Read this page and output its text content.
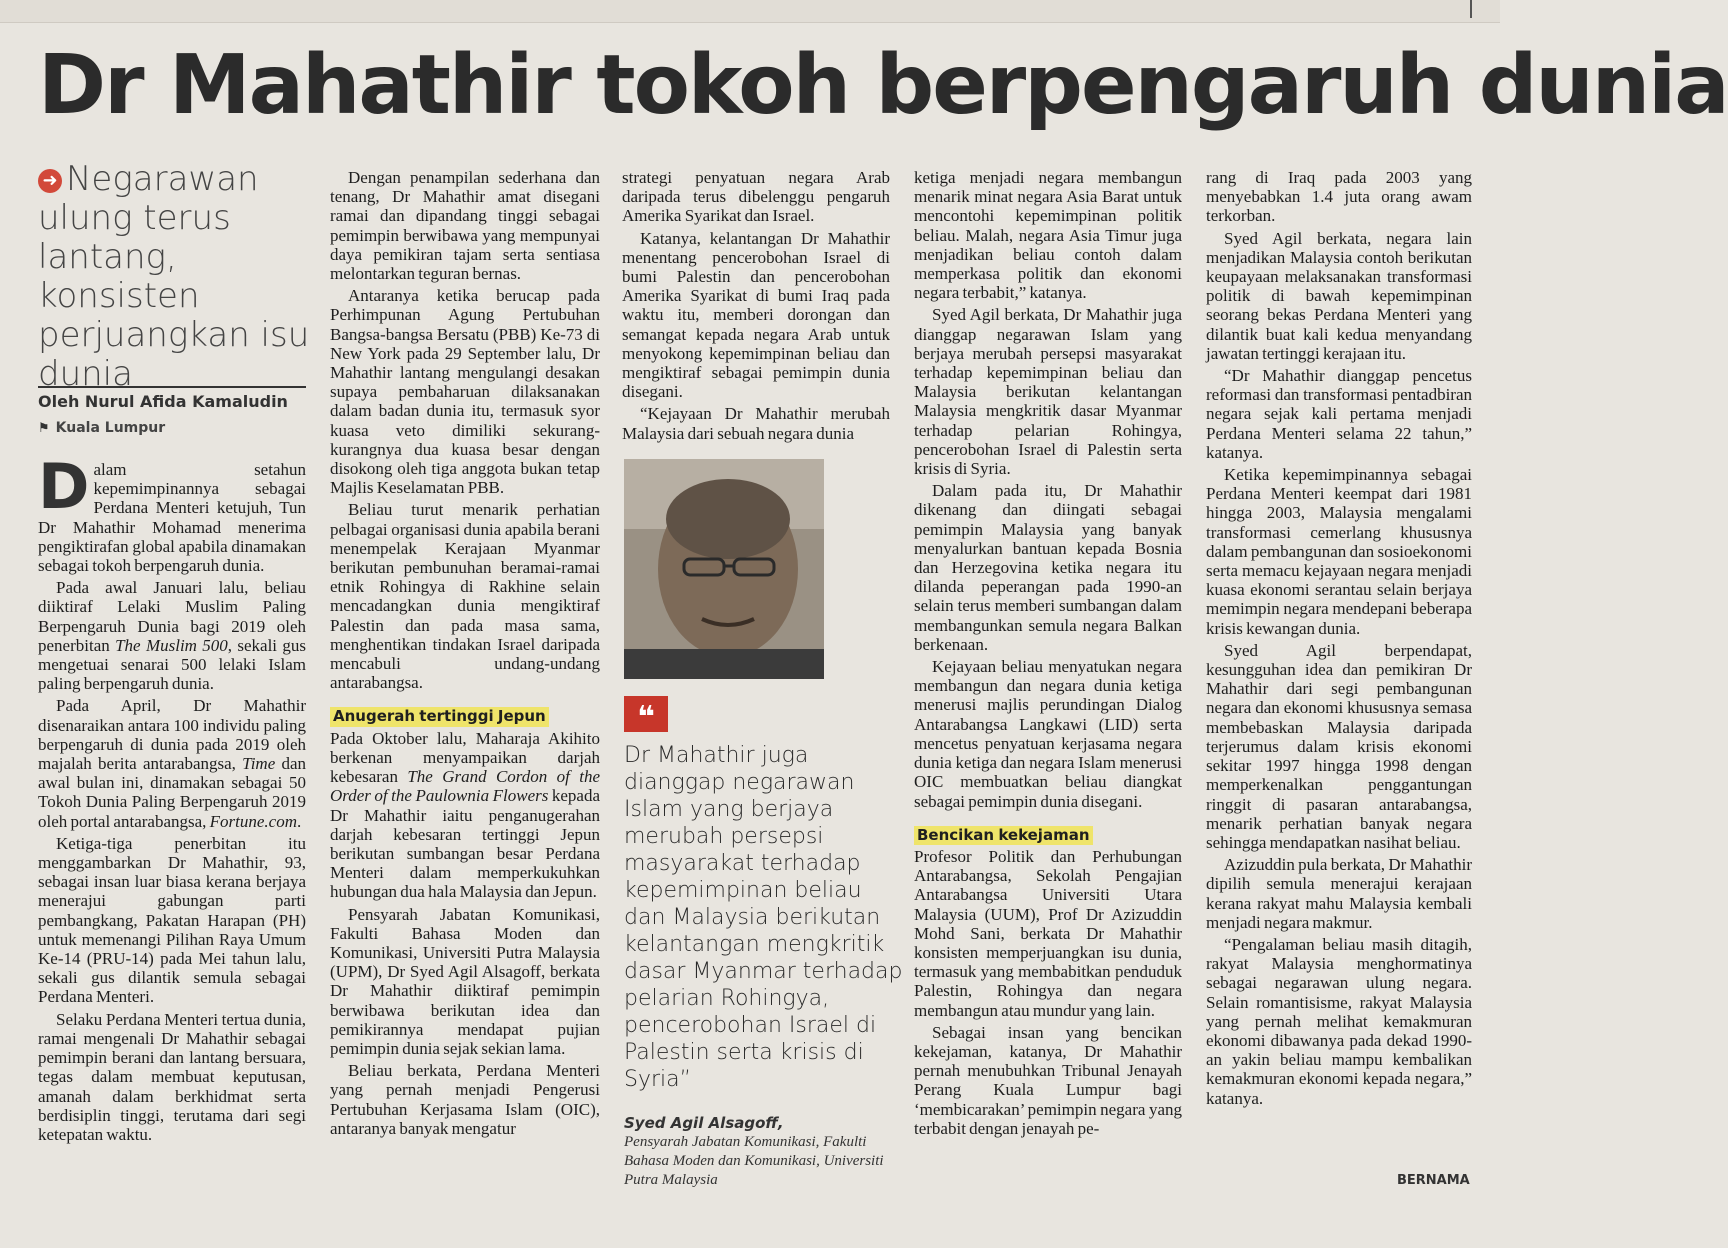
Dr Mahathir tokoh berpengaruh dunia
➜ Negarawan ulung terus lantang, konsisten perjuangkan isu dunia
Oleh Nurul Afida Kamaludin
⚑ Kuala Lumpur

Dalam setahun kepemimpinannya sebagai Perdana Menteri ketujuh, Tun Dr Mahathir Mohamad menerima pengiktirafan global apabila dinamakan sebagai tokoh berpengaruh dunia.

Pada awal Januari lalu, beliau diiktiraf Lelaki Muslim Paling Berpengaruh Dunia bagi 2019 oleh penerbitan The Muslim 500, sekali gus mengetuai senarai 500 lelaki Islam paling berpengaruh dunia.

Pada April, Dr Mahathir disenaraikan antara 100 individu paling berpengaruh di dunia pada 2019 oleh majalah berita antarabangsa, Time dan awal bulan ini, dinamakan sebagai 50 Tokoh Dunia Paling Berpengaruh 2019 oleh portal antarabangsa, Fortune.com.

Ketiga-tiga penerbitan itu menggambarkan Dr Mahathir, 93, sebagai insan luar biasa kerana berjaya menerajui gabungan parti pembangkang, Pakatan Harapan (PH) untuk memenangi Pilihan Raya Umum Ke-14 (PRU-14) pada Mei tahun lalu, sekali gus dilantik semula sebagai Perdana Menteri.

Selaku Perdana Menteri tertua dunia, ramai mengenali Dr Mahathir sebagai pemimpin berani dan lantang bersuara, tegas dalam membuat keputusan, amanah dalam berkhidmat serta berdisiplin tinggi, terutama dari segi ketepatan waktu.

Dengan penampilan sederhana dan tenang, Dr Mahathir amat disegani ramai dan dipandang tinggi sebagai pemimpin berwibawa yang mempunyai daya pemikiran tajam serta sentiasa melontarkan teguran bernas.

Antaranya ketika berucap pada Perhimpunan Agung Pertubuhan Bangsa-bangsa Bersatu (PBB) Ke-73 di New York pada 29 September lalu, Dr Mahathir lantang mengulangi desakan supaya pembaharuan dilaksanakan dalam badan dunia itu, termasuk syor kuasa veto dimiliki sekurang-kurangnya dua kuasa besar dengan disokong oleh tiga anggota bukan tetap Majlis Keselamatan PBB.

Beliau turut menarik perhatian pelbagai organisasi dunia apabila berani menempelak Kerajaan Myanmar berikutan pembunuhan beramai-ramai etnik Rohingya di Rakhine selain mencadangkan dunia mengiktiraf Palestin dan pada masa sama, menghentikan tindakan Israel daripada mencabuli undang-undang antarabangsa.

Anugerah tertinggi Jepun

Pada Oktober lalu, Maharaja Akihito berkenan menyampaikan darjah kebesaran The Grand Cordon of the Order of the Paulownia Flowers kepada Dr Mahathir iaitu penganugerahan darjah kebesaran tertinggi Jepun berikutan sumbangan besar Perdana Menteri dalam memperkukuhkan hubungan dua hala Malaysia dan Jepun.

Pensyarah Jabatan Komunikasi, Fakulti Bahasa Moden dan Komunikasi, Universiti Putra Malaysia (UPM), Dr Syed Agil Alsagoff, berkata Dr Mahathir diiktiraf pemimpin berwibawa berikutan idea dan pemikirannya mendapat pujian pemimpin dunia sejak sekian lama.

Beliau berkata, Perdana Menteri yang pernah menjadi Pengerusi Pertubuhan Kerjasama Islam (OIC), antaranya banyak mengatur

strategi penyatuan negara Arab daripada terus dibelenggu pengaruh Amerika Syarikat dan Israel.

Katanya, kelantangan Dr Mahathir menentang pencerobohan Israel di bumi Palestin dan pencerobohan Amerika Syarikat di bumi Iraq pada waktu itu, memberi dorongan dan semangat kepada negara Arab untuk menyokong kepemimpinan beliau dan mengiktiraf sebagai pemimpin dunia disegani.

“Kejayaan Dr Mahathir merubah Malaysia dari sebuah negara dunia

❝
Dr Mahathir juga dianggap negarawan Islam yang berjaya merubah persepsi masyarakat terhadap kepemimpinan beliau dan Malaysia berikutan kelantangan mengkritik dasar Myanmar terhadap pelarian Rohingya, pencerobohan Israel di Palestin serta krisis di Syria”
Syed Agil Alsagoff,
Pensyarah Jabatan Komunikasi, Fakulti Bahasa Moden dan Komunikasi, Universiti Putra Malaysia

ketiga menjadi negara membangun menarik minat negara Asia Barat untuk mencontohi kepemimpinan politik beliau. Malah, negara Asia Timur juga menjadikan beliau contoh dalam memperkasa politik dan ekonomi negara terbabit,” katanya.

Syed Agil berkata, Dr Mahathir juga dianggap negarawan Islam yang berjaya merubah persepsi masyarakat terhadap kepemimpinan beliau dan Malaysia berikutan kelantangan Malaysia mengkritik dasar Myanmar terhadap pelarian Rohingya, pencerobohan Israel di Palestin serta krisis di Syria.

Dalam pada itu, Dr Mahathir dikenang dan diingati sebagai pemimpin Malaysia yang banyak menyalurkan bantuan kepada Bosnia dan Herzegovina ketika negara itu dilanda peperangan pada 1990-an selain terus memberi sumbangan dalam membangunkan semula negara Balkan berkenaan.

Kejayaan beliau menyatukan negara membangun dan negara dunia ketiga menerusi majlis perundingan Dialog Antarabangsa Langkawi (LID) serta mencetus penyatuan kerjasama negara dunia ketiga dan negara Islam menerusi OIC membuatkan beliau diangkat sebagai pemimpin dunia disegani.

Bencikan kekejaman

Profesor Politik dan Perhubungan Antarabangsa, Sekolah Pengajian Antarabangsa Universiti Utara Malaysia (UUM), Prof Dr Azizuddin Mohd Sani, berkata Dr Mahathir konsisten memperjuangkan isu dunia, termasuk yang membabitkan penduduk Palestin, Rohingya dan negara membangun atau mundur yang lain.

Sebagai insan yang bencikan kekejaman, katanya, Dr Mahathir pernah menubuhkan Tribunal Jenayah Perang Kuala Lumpur bagi ‘membicarakan’ pemimpin negara yang terbabit dengan jenayah pe-

rang di Iraq pada 2003 yang menyebabkan 1.4 juta orang awam terkorban.

Syed Agil berkata, negara lain menjadikan Malaysia contoh berikutan keupayaan melaksanakan transformasi politik di bawah kepemimpinan seorang bekas Perdana Menteri yang dilantik buat kali kedua menyandang jawatan tertinggi kerajaan itu.

“Dr Mahathir dianggap pencetus reformasi dan transformasi pentadbiran negara sejak kali pertama menjadi Perdana Menteri selama 22 tahun,” katanya.

Ketika kepemimpinannya sebagai Perdana Menteri keempat dari 1981 hingga 2003, Malaysia mengalami transformasi cemerlang khususnya dalam pembangunan dan sosioekonomi serta memacu kejayaan negara menjadi kuasa ekonomi serantau selain berjaya memimpin negara mendepani beberapa krisis kewangan dunia.

Syed Agil berpendapat, kesungguhan idea dan pemikiran Dr Mahathir dari segi pembangunan negara dan ekonomi khususnya semasa membebaskan Malaysia daripada terjerumus dalam krisis ekonomi sekitar 1997 hingga 1998 dengan memperkenalkan penggantungan ringgit di pasaran antarabangsa, menarik perhatian banyak negara sehingga mendapatkan nasihat beliau.

Azizuddin pula berkata, Dr Mahathir dipilih semula menerajui kerajaan kerana rakyat mahu Malaysia kembali menjadi negara makmur.

“Pengalaman beliau masih ditagih, rakyat Malaysia menghormatinya sebagai negarawan ulung negara. Selain romantisisme, rakyat Malaysia yang pernah melihat kemakmuran ekonomi dibawanya pada dekad 1990-an yakin beliau mampu kembalikan kemakmuran ekonomi kepada negara,” katanya.

BERNAMA
